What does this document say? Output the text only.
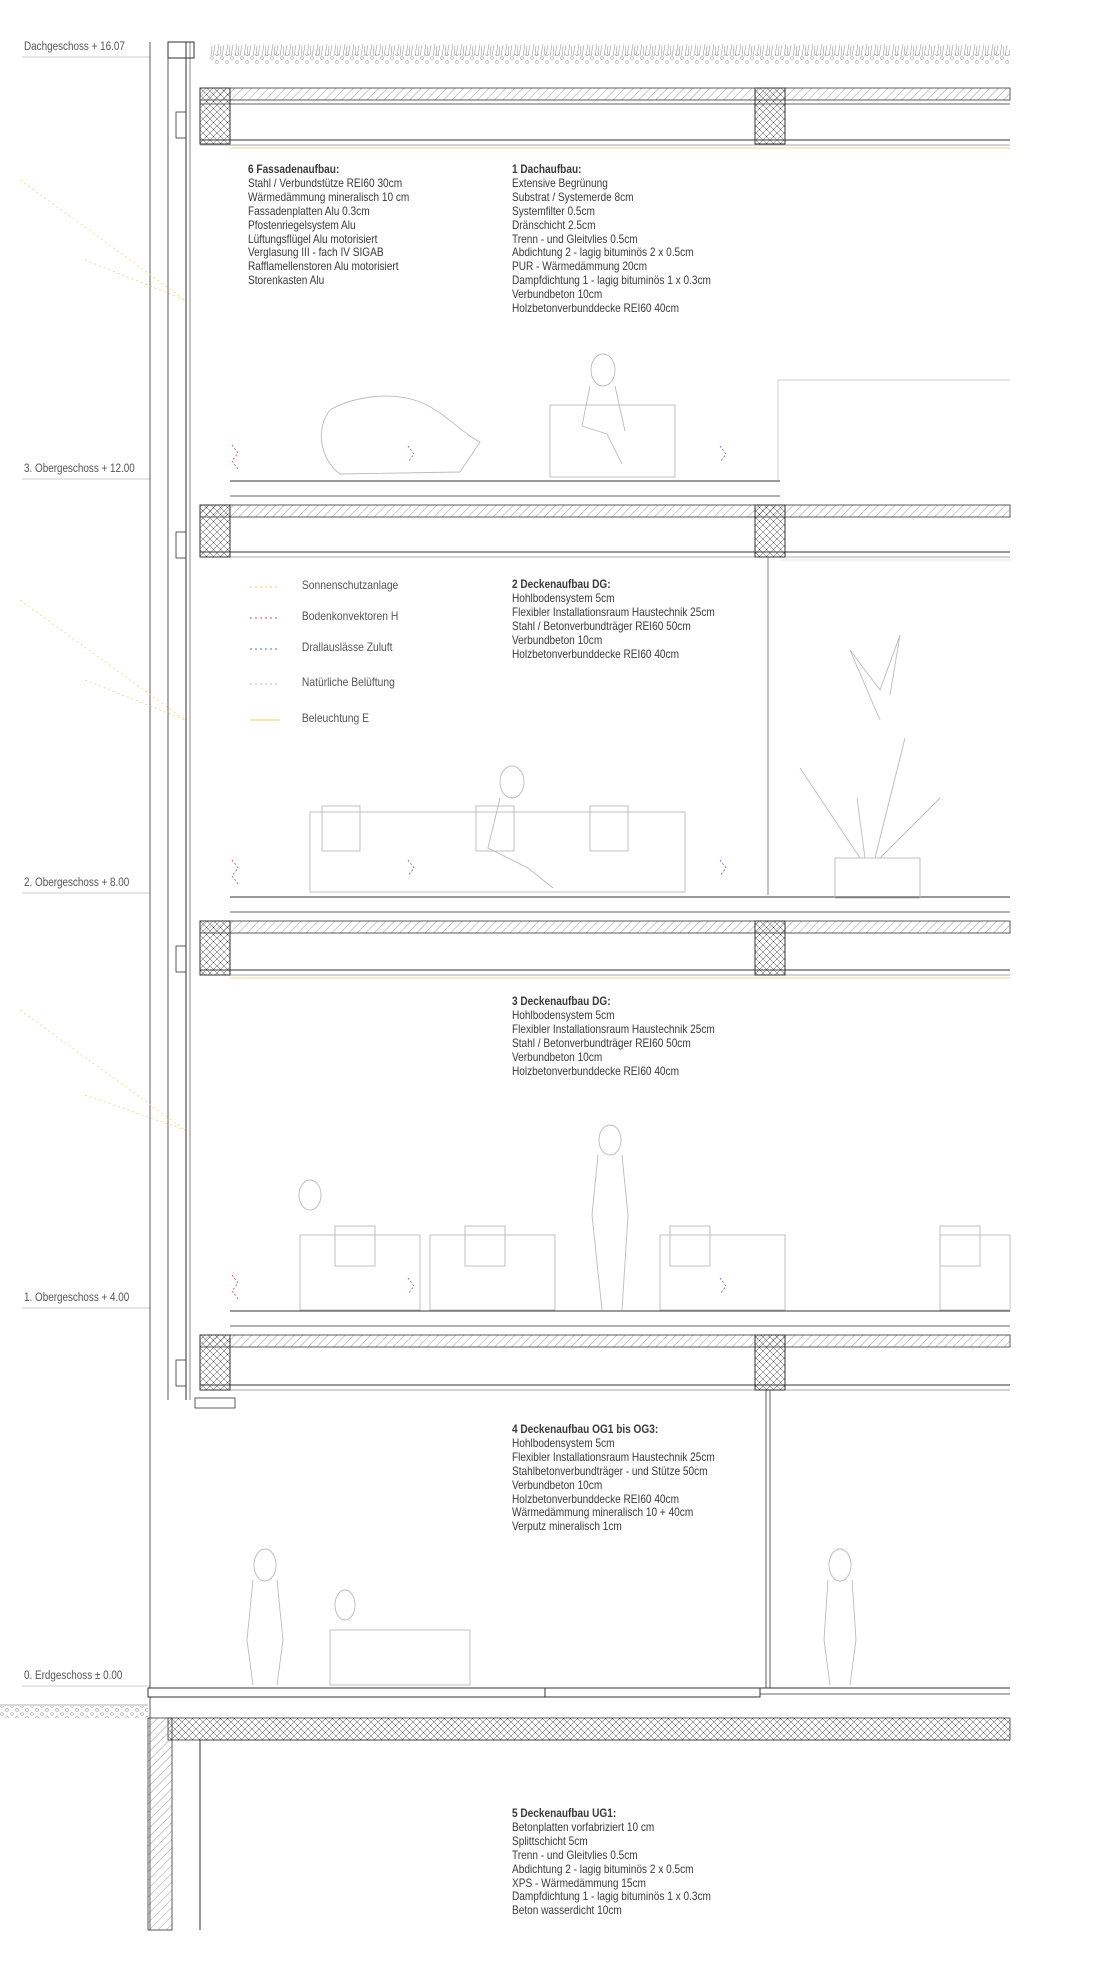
Dachgeschoss + 16.07
3. Obergeschoss + 12.00
2. Obergeschoss + 8.00
1. Obergeschoss + 4.00
0. Erdgeschoss ± 0.00
6 Fassadenaufbau:
Stahl / Verbundstütze REI60 30cm
Wärmedämmung mineralisch 10 cm
Fassadenplatten Alu 0.3cm
Pfostenriegelsystem Alu
Lüftungsflügel Alu motorisiert
Verglasung III - fach IV SIGAB
Rafflamellenstoren Alu motorisiert
Storenkasten Alu
1 Dachaufbau:
Extensive Begrünung
Substrat / Systemerde 8cm
Systemfilter 0.5cm
Dränschicht 2.5cm
Trenn - und Gleitvlies 0.5cm
Abdichtung 2 - lagig bituminös 2 x 0.5cm
PUR - Wärmedämmung 20cm
Dampfdichtung 1 - lagig bituminös 1 x 0.3cm
Verbundbeton 10cm
Holzbetonverbunddecke REI60 40cm
2 Deckenaufbau DG:
Hohlbodensystem 5cm
Flexibler Installationsraum Haustechnik 25cm
Stahl / Betonverbundträger REI60 50cm
Verbundbeton 10cm
Holzbetonverbunddecke REI60 40cm
3 Deckenaufbau DG:
Hohlbodensystem 5cm
Flexibler Installationsraum Haustechnik 25cm
Stahl / Betonverbundträger REI60 50cm
Verbundbeton 10cm
Holzbetonverbunddecke REI60 40cm
4 Deckenaufbau OG1 bis OG3:
Hohlbodensystem 5cm
Flexibler Installationsraum Haustechnik 25cm
Stahlbetonverbundträger - und Stütze 50cm
Verbundbeton 10cm
Holzbetonverbunddecke REI60 40cm
Wärmedämmung mineralisch 10 + 40cm
Verputz mineralisch 1cm
5 Deckenaufbau UG1:
Betonplatten vorfabriziert 10 cm
Splittschicht 5cm
Trenn - und Gleitvlies 0.5cm
Abdichtung 2 - lagig bituminös 2 x 0.5cm
XPS - Wärmedämmung 15cm
Dampfdichtung 1 - lagig bituminös 1 x 0.3cm
Beton wasserdicht 10cm
Sonnenschutzanlage
Bodenkonvektoren H
Drallauslässe Zuluft
Natürliche Belüftung
Beleuchtung E
